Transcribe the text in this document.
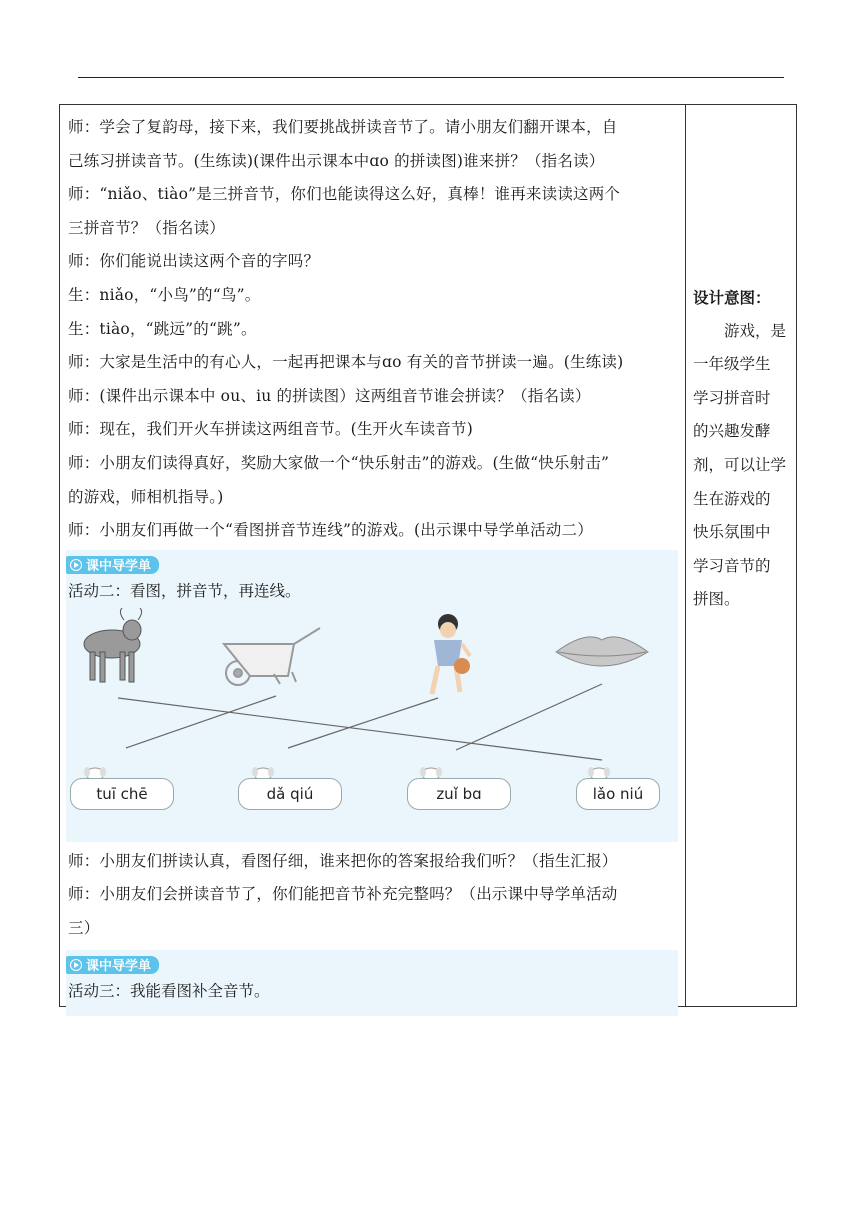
师：学会了复韵母，接下来，我们要挑战拼读音节了。请小朋友们翻开课本，自
己练习拼读音节。(生练读)(课件出示课本中ɑo 的拼读图)谁来拼？（指名读）
师：“niǎo、tiào”是三拼音节，你们也能读得这么好，真棒！谁再来读读这两个
三拼音节？（指名读）
师：你们能说出读这两个音的字吗？
生：niǎo，“小鸟”的“鸟”。
生：tiào，“跳远”的“跳”。
师：大家是生活中的有心人，一起再把课本与ɑo 有关的音节拼读一遍。(生练读)
师：(课件出示课本中 ou、iu 的拼读图）这两组音节谁会拼读？（指名读）
师：现在，我们开火车拼读这两组音节。(生开火车读音节)
师：小朋友们读得真好，奖励大家做一个“快乐射击”的游戏。(生做“快乐射击”
的游戏，师相机指导。)
师：小朋友们再做一个“看图拼音节连线”的游戏。(出示课中导学单活动二）
课中导学单
活动二：看图，拼音节，再连线。
tuī chē	dǎ qiú	zuǐ bɑ	lǎo niú
师：小朋友们拼读认真，看图仔细，谁来把你的答案报给我们听？（指生汇报）
师：小朋友们会拼读音节了，你们能把音节补充完整吗？（出示课中导学单活动
三）
课中导学单
活动三：我能看图补全音节。
设计意图：

游戏，是

一年级学生
学习拼音时
的兴趣发酵
剂，可以让学
生在游戏的
快乐氛围中
学习音节的
拼图。
